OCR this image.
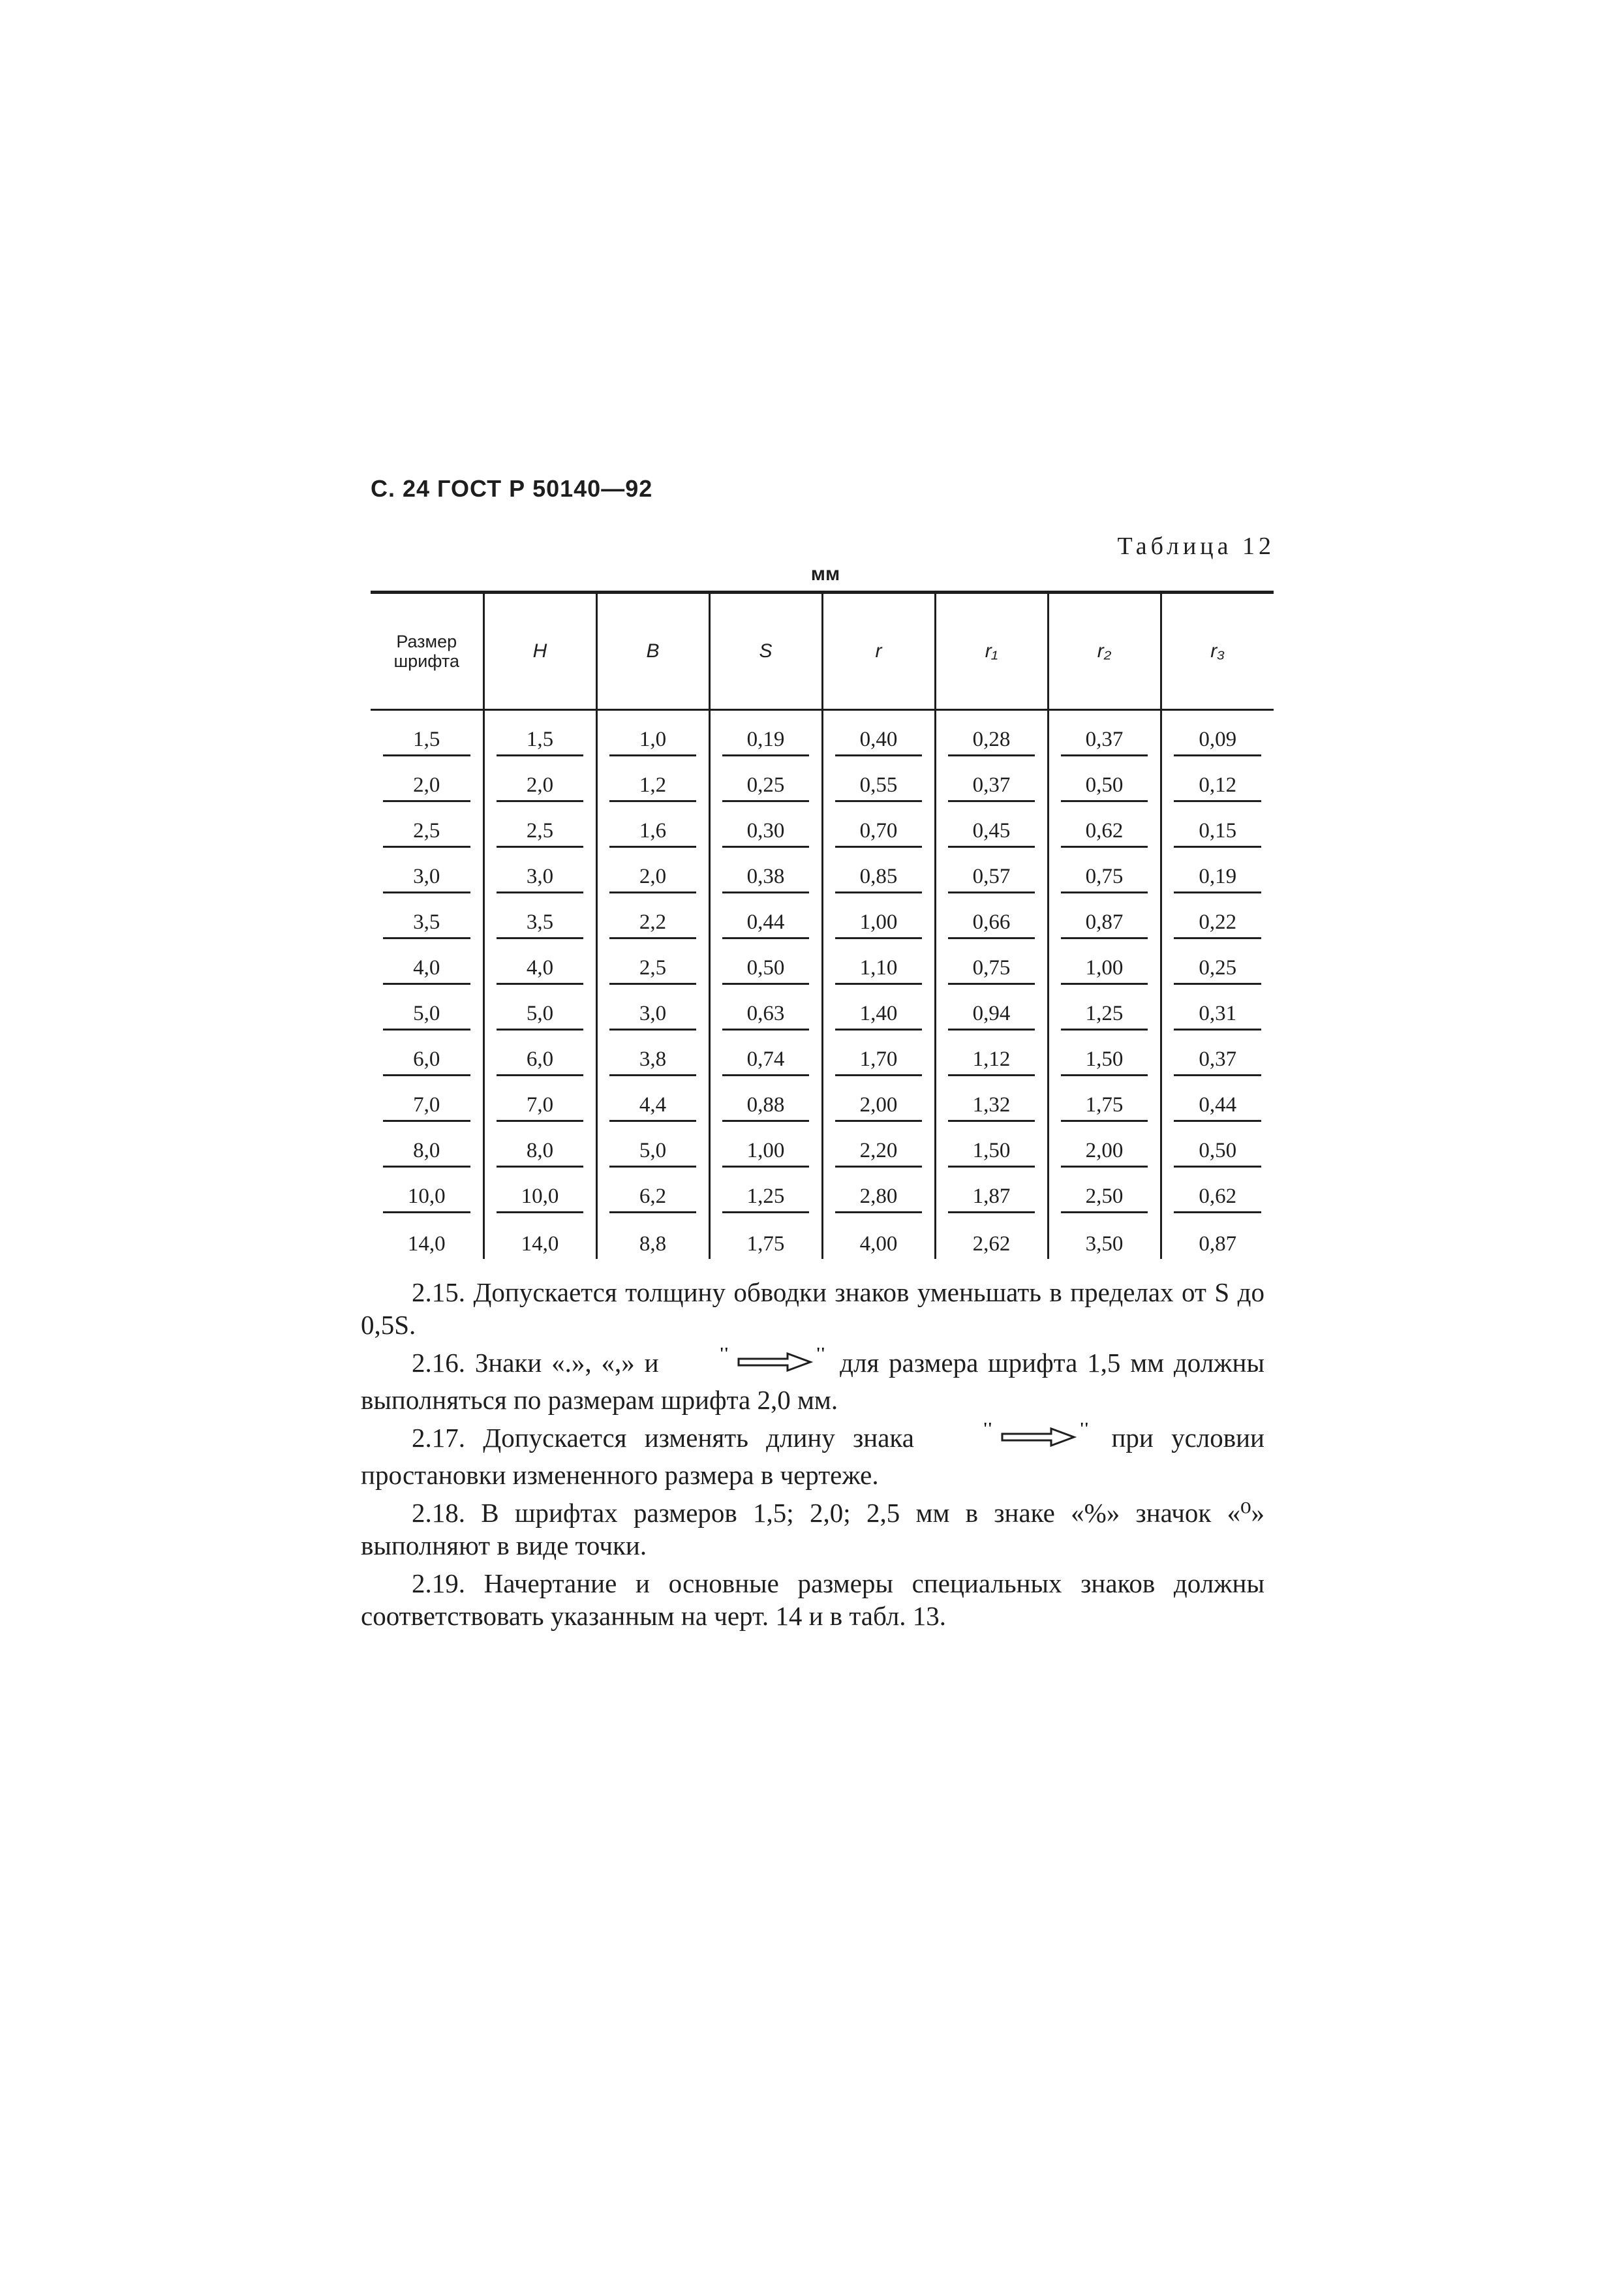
С. 24 ГОСТ Р 50140—92
Таблица 12
мм
Размер шрифта	H	B	S	r	r₁	r₂	r₃
1,5	1,5	1,0	0,19	0,40	0,28	0,37	0,09
2,0	2,0	1,2	0,25	0,55	0,37	0,50	0,12
2,5	2,5	1,6	0,30	0,70	0,45	0,62	0,15
3,0	3,0	2,0	0,38	0,85	0,57	0,75	0,19
3,5	3,5	2,2	0,44	1,00	0,66	0,87	0,22
4,0	4,0	2,5	0,50	1,10	0,75	1,00	0,25
5,0	5,0	3,0	0,63	1,40	0,94	1,25	0,31
6,0	6,0	3,8	0,74	1,70	1,12	1,50	0,37
7,0	7,0	4,4	0,88	2,00	1,32	1,75	0,44
8,0	8,0	5,0	1,00	2,20	1,50	2,00	0,50
10,0	10,0	6,2	1,25	2,80	1,87	2,50	0,62
14,0	14,0	8,8	1,75	4,00	2,62	3,50	0,87

2.15. Допускается толщину обводки знаков уменьшать в пределах от S до 0,5S.

2.16. Знаки «.», «,» и "	" для размера шрифта 1,5 мм должны выполняться по размерам шрифта 2,0 мм.

2.17. Допускается изменять длину знака "	" при условии простановки измененного размера в чертеже.

2.18. В шрифтах размеров 1,5; 2,0; 2,5 мм в знаке «%» значок «⁰» выполняют в виде точки.

2.19. Начертание и основные размеры специальных знаков должны соответствовать указанным на черт. 14 и в табл. 13.
